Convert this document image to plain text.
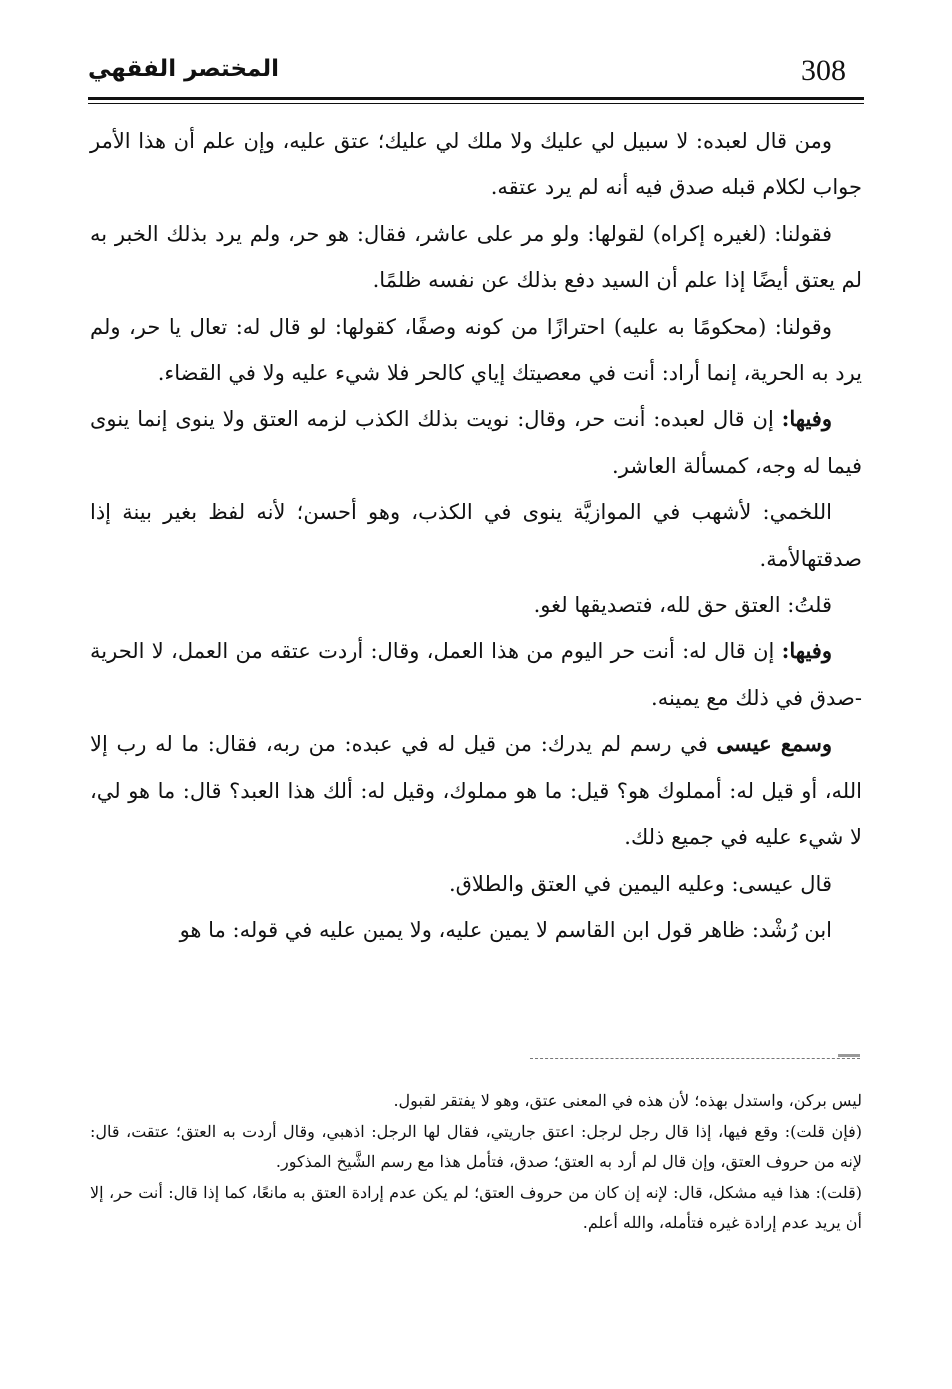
308
المختصر الفقهي

ومن قال لعبده: لا سبيل لي عليك ولا ملك لي عليك؛ عتق عليه، وإن علم أن هذا الأمر جواب لكلام قبله صدق فيه أنه لم يرد عتقه.

فقولنا: (لغيره إكراه) لقولها: ولو مر على عاشر، فقال: هو حر، ولم يرد بذلك الخبر به لم يعتق أيضًا إذا علم أن السيد دفع بذلك عن نفسه ظلمًا.

وقولنا: (محكومًا به عليه) احترازًا من كونه وصفًا، كقولها: لو قال له: تعال يا حر، ولم يرد به الحرية، إنما أراد: أنت في معصيتك إياي كالحر فلا شيء عليه ولا في القضاء.

وفيها: إن قال لعبده: أنت حر، وقال: نويت بذلك الكذب لزمه العتق ولا ينوى إنما ينوى فيما له وجه، كمسألة العاشر.

اللخمي: لأشهب في الموازيَّة ينوى في الكذب، وهو أحسن؛ لأنه لفظ بغير بينة إذا صدقتهالأمة.

قلتُ: العتق حق لله، فتصديقها لغو.

وفيها: إن قال له: أنت حر اليوم من هذا العمل، وقال: أردت عتقه من العمل، لا الحرية -صدق في ذلك مع يمينه.

وسمع عيسى في رسم لم يدرك: من قيل له في عبده: من ربه، فقال: ما له رب إلا الله، أو قيل له: أمملوك هو؟ قيل: ما هو مملوك، وقيل له: ألك هذا العبد؟ قال: ما هو لي، لا شيء عليه في جميع ذلك.

قال عيسى: وعليه اليمين في العتق والطلاق.

ابن رُشْد: ظاهر قول ابن القاسم لا يمين عليه، ولا يمين عليه في قوله: ما هو

ليس بركن، واستدل بهذه؛ لأن هذه في المعنى عتق، وهو لا يفتقر لقبول.

(فإن قلت): وقع فيها، إذا قال رجل لرجل: اعتق جاريتي، فقال لها الرجل: اذهبي، وقال أردت به العتق؛ عتقت، قال: لإنه من حروف العتق، وإن قال لم أرد به العتق؛ صدق، فتأمل هذا مع رسم الشَّيخ المذكور.

(قلت): هذا فيه مشكل، قال: لإنه إن كان من حروف العتق؛ لم يكن عدم إرادة العتق به مانعًا، كما إذا قال: أنت حر، إلا أن يريد عدم إرادة غيره فتأمله، والله أعلم.
